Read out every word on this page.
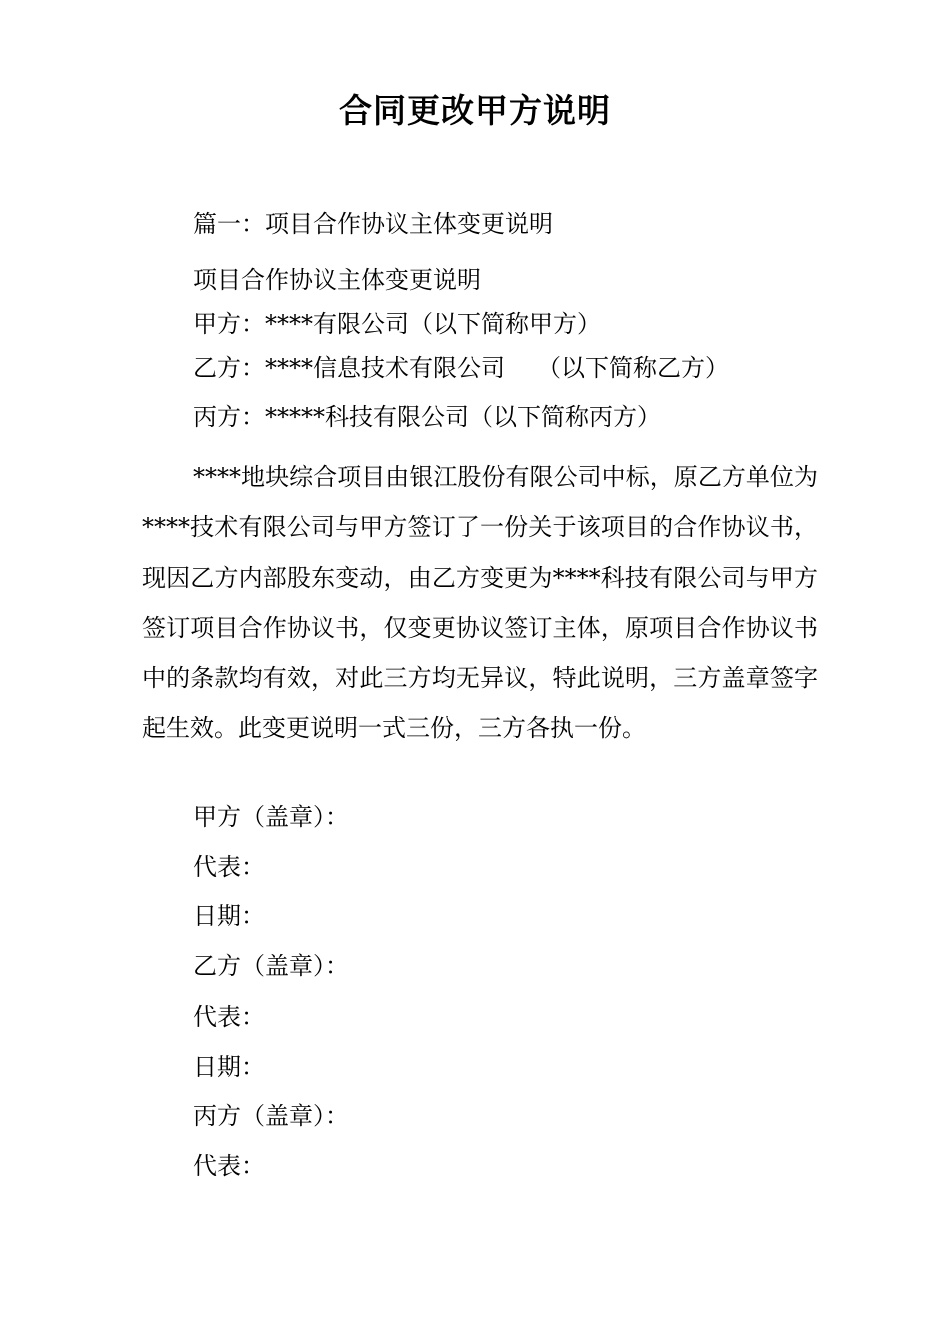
合同更改甲方说明
篇一：项目合作协议主体变更说明
项目合作协议主体变更说明
甲方：****有限公司（以下简称甲方）
乙方：****信息技术有限公司 （以下简称乙方）
丙方：*****科技有限公司（以下简称丙方）
****地块综合项目由银江股份有限公司中标，原乙方单位为****技术有限公司与甲方签订了一份关于该项目的合作协议书，现因乙方内部股东变动，由乙方变更为****科技有限公司与甲方签订项目合作协议书，仅变更协议签订主体，原项目合作协议书中的条款均有效，对此三方均无异议，特此说明，三方盖章签字起生效。此变更说明一式三份，三方各执一份。
甲方（盖章）：
代表：
日期：
乙方（盖章）：
代表：
日期：
丙方（盖章）：
代表：
